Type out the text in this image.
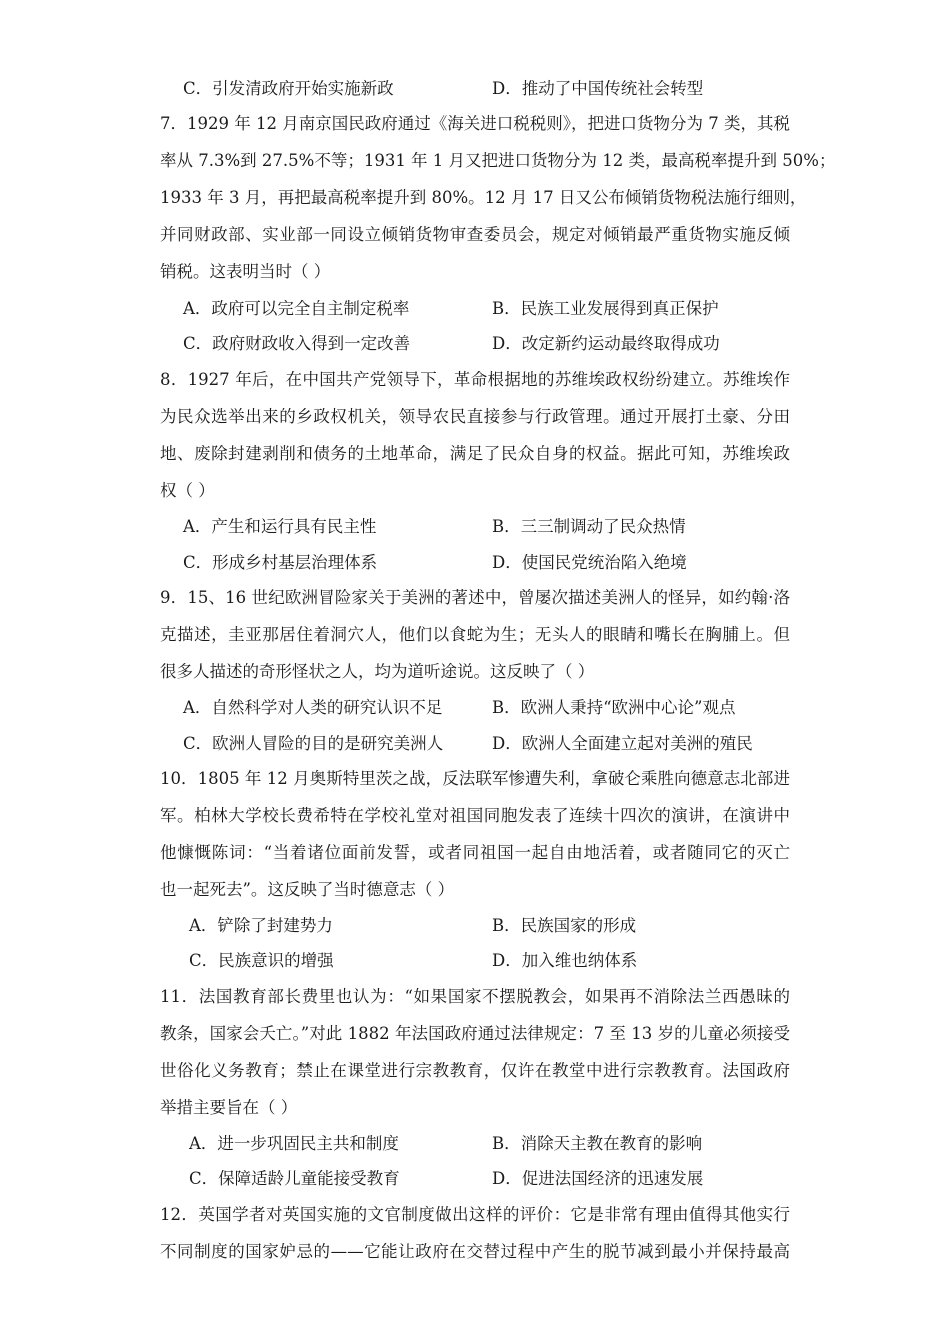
C．引发清政府开始实施新政	D．推动了中国传统社会转型
7．1929 年 12 月南京国民政府通过《海关进口税税则》，把进口货物分为 7 类，其税
率从 7.3%到 27.5%不等；1931 年 1 月又把进口货物分为 12 类，最高税率提升到 50%；
1933 年 3 月，再把最高税率提升到 80%。12 月 17 日又公布倾销货物税法施行细则，
并同财政部、实业部一同设立倾销货物审查委员会，规定对倾销最严重货物实施反倾
销税。这表明当时（ ）
A．政府可以完全自主制定税率	B．民族工业发展得到真正保护
C．政府财政收入得到一定改善	D．改定新约运动最终取得成功
8．1927 年后，在中国共产党领导下，革命根据地的苏维埃政权纷纷建立。苏维埃作
为民众选举出来的乡政权机关，领导农民直接参与行政管理。通过开展打土豪、分田
地、废除封建剥削和债务的土地革命，满足了民众自身的权益。据此可知，苏维埃政
权（ ）
A．产生和运行具有民主性	B．三三制调动了民众热情
C．形成乡村基层治理体系	D．使国民党统治陷入绝境
9．15、16 世纪欧洲冒险家关于美洲的著述中，曾屡次描述美洲人的怪异，如约翰·洛
克描述，圭亚那居住着洞穴人，他们以食蛇为生；无头人的眼睛和嘴长在胸脯上。但
很多人描述的奇形怪状之人，均为道听途说。这反映了（ ）
A．自然科学对人类的研究认识不足	B．欧洲人秉持“欧洲中心论”观点
C．欧洲人冒险的目的是研究美洲人	D．欧洲人全面建立起对美洲的殖民
10．1805 年 12 月奥斯特里茨之战，反法联军惨遭失利，拿破仑乘胜向德意志北部进
军。柏林大学校长费希特在学校礼堂对祖国同胞发表了连续十四次的演讲，在演讲中
他慷慨陈词：“当着诸位面前发誓，或者同祖国一起自由地活着，或者随同它的灭亡
也一起死去”。这反映了当时德意志（ ）
A．铲除了封建势力	B．民族国家的形成
C．民族意识的增强	D．加入维也纳体系
11．法国教育部长费里也认为：“如果国家不摆脱教会，如果再不消除法兰西愚昧的
教条，国家会夭亡。”对此 1882 年法国政府通过法律规定：7 至 13 岁的儿童必须接受
世俗化义务教育；禁止在课堂进行宗教教育，仅许在教堂中进行宗教教育。法国政府
举措主要旨在（ ）
A．进一步巩固民主共和制度	B．消除天主教在教育的影响
C．保障适龄儿童能接受教育	D．促进法国经济的迅速发展
12．英国学者对英国实施的文官制度做出这样的评价：它是非常有理由值得其他实行
不同制度的国家妒忌的——它能让政府在交替过程中产生的脱节减到最小并保持最高
